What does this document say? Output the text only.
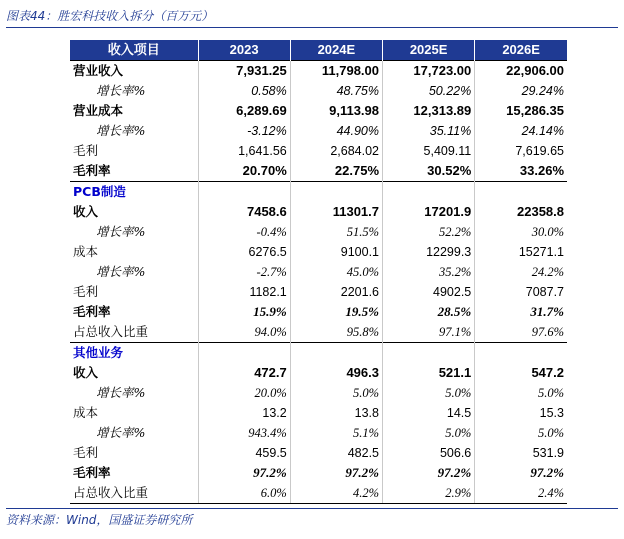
图表44：胜宏科技收入拆分（百万元）
收入项目	2023	2024E	2025E	2026E
营业收入	7,931.25	11,798.00	17,723.00	22,906.00
增长率%	0.58%	48.75%	50.22%	29.24%
营业成本	6,289.69	9,113.98	12,313.89	15,286.35
增长率%	-3.12%	44.90%	35.11%	24.14%
毛利	1,641.56	2,684.02	5,409.11	7,619.65
毛利率	20.70%	22.75%	30.52%	33.26%
PCB制造				
收入	7458.6	11301.7	17201.9	22358.8
增长率%	-0.4%	51.5%	52.2%	30.0%
成本	6276.5	9100.1	12299.3	15271.1
增长率%	-2.7%	45.0%	35.2%	24.2%
毛利	1182.1	2201.6	4902.5	7087.7
毛利率	15.9%	19.5%	28.5%	31.7%
占总收入比重	94.0%	95.8%	97.1%	97.6%
其他业务				
收入	472.7	496.3	521.1	547.2
增长率%	20.0%	5.0%	5.0%	5.0%
成本	13.2	13.8	14.5	15.3
增长率%	943.4%	5.1%	5.0%	5.0%
毛利	459.5	482.5	506.6	531.9
毛利率	97.2%	97.2%	97.2%	97.2%
占总收入比重	6.0%	4.2%	2.9%	2.4%
资料来源：Wind，国盛证券研究所
